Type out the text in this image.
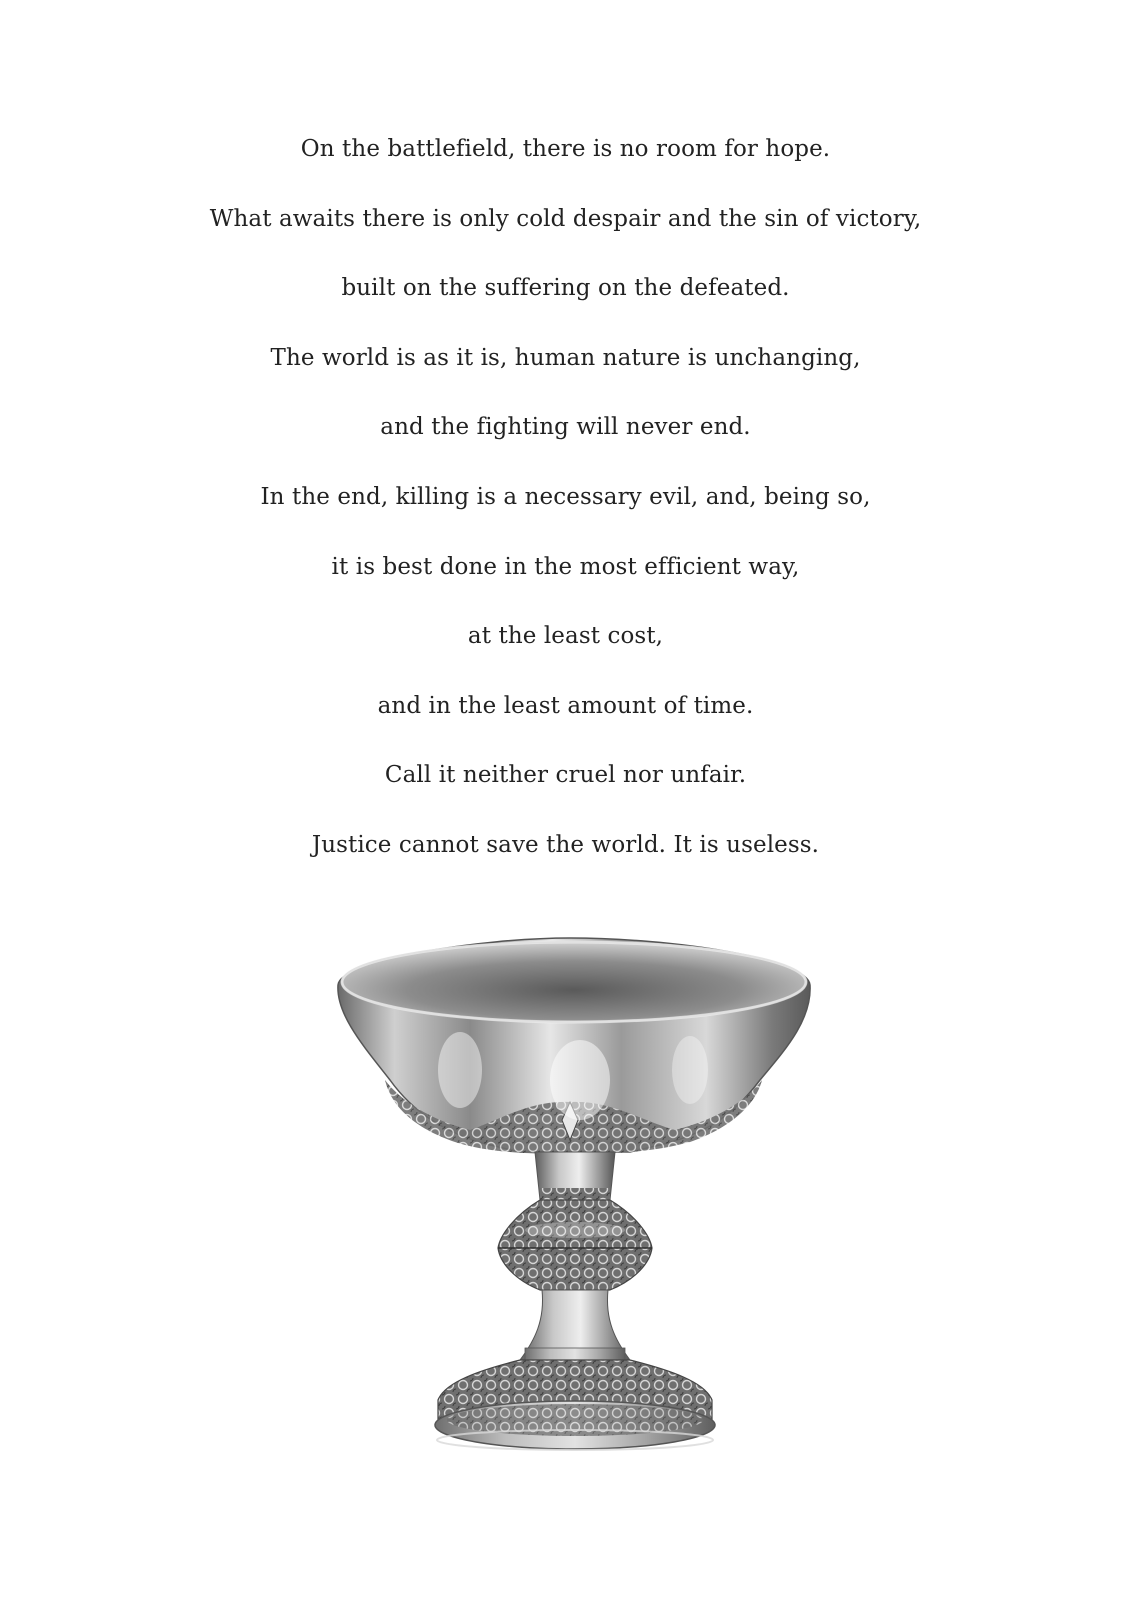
On the battlefield, there is no room for hope.
What awaits there is only cold despair and the sin of victory,
built on the suffering on the defeated.
The world is as it is, human nature is unchanging,
and the fighting will never end.
In the end, killing is a necessary evil, and, being so,
it is best done in the most efficient way,
at the least cost,
and in the least amount of time.
Call it neither cruel nor unfair.
Justice cannot save the world. It is useless.
